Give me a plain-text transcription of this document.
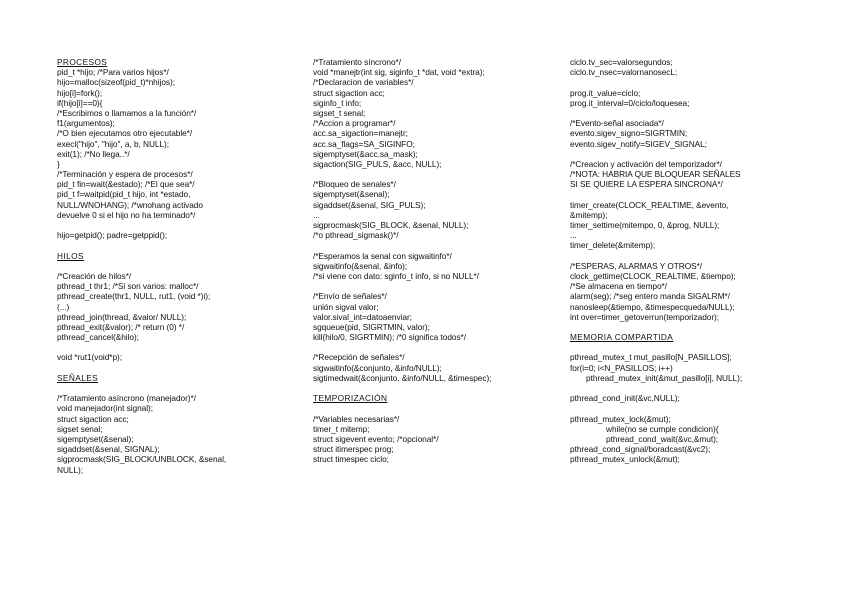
PROCESOS
pid_t *hijo; /*Para varios hijos*/
hijo=malloc(sizeof(pid_t)*nhijos);
hijo[i]=fork();
if(hijo[i]==0){
/*Escribimos o llamamos a la función*/
f1(argumentos);
/*O bien ejecutamos otro ejecutable*/
execl("hijo", "hijo", a, b, NULL);
exit(1); /*No llega..*/
}
/*Terminación y espera de procesos*/
pid_t fin=wait(&estado); /*El que sea*/
pid_t f=waitpid(pid_t hijo, int *estado,
NULL/WNOHANG); /*wnohang activado
devuelve 0 si el hijo no ha terminado*/
hijo=getpid(); padre=getppid();
HILOS
/*Creación de hilos*/
pthread_t thr1; /*Si son varios: malloc*/
pthread_create(thr1, NULL, rut1, (void *)i);
(...)
pthread_join(thread, &valor/ NULL);
pthread_exit(&valor); /* return (0) */
pthread_cancel(&hilo);
void *rut1(void*p);
SEÑALES
/*Tratamiento asíncrono (manejador)*/
void manejador(int signal);
struct sigaction acc;
sigset senal;
sigemptyset(&senal);
sigaddset(&senal, SIGNAL);
sigprocmask(SIG_BLOCK/UNBLOCK, &senal,
NULL);
/*Tratamiento síncrono*/
void *manejtr(int sig, siginfo_t *dat, void *extra);
/*Declaracion de variables*/
struct sigaction acc;
siginfo_t info;
sigset_t senal;
/*Accion a programar*/
acc.sa_sigaction=manejtr;
acc.sa_flags=SA_SIGINFO;
sigemptyset(&acc.sa_mask);
sigaction(SIG_PULS, &acc, NULL);
/*Bloqueo de senales*/
sigemptyset(&senal);
sigaddset(&senal, SIG_PULS);
...
sigprocmask(SIG_BLOCK, &senal, NULL);
/*o pthread_sigmask()*/
/*Esperamos la senal con sigwaitinfo*/
sigwaitinfo(&senal, &info);
/*si viene con dato: sginfo_t info, si no NULL*/
/*Envío de señales*/
unión sigval valor;
valor.sival_int=datoaenviar;
sgqueue(pid, SIGRTMIN, valor);
kill(hilo/0, SIGRTMIN); /*0 significa todos*/
/*Recepción de señales*/
sigwaitinfo(&conjunto, &info/NULL);
sigtimedwait(&conjunto, &info/NULL, &timespec);
TEMPORIZACIÓN
/*Variables necesarias*/
timer_t mitemp;
struct sigevent evento; /*opcional*/
struct itimerspec prog;
struct timespec ciclo;
ciclo.tv_sec=valorsegundos;
ciclo.tv_nsec=valornanosecL;
prog.it_value=ciclo;
prog.it_interval=0/ciclo/loquesea;
/*Evento-señal asociada*/
evento.sigev_signo=SIGRTMIN;
evento.sigev_notify=SIGEV_SIGNAL;
/*Creacion y activación del temporizador*/
/*NOTA: HABRIA QUE BLOQUEAR SEÑALES
SI SE QUIERE LA ESPERA SINCRONA*/
timer_create(CLOCK_REALTIME, &evento,
&mitemp);
timer_settime(mitempo, 0, &prog, NULL);
...
timer_delete(&mitemp);
/*ESPERAS, ALARMAS Y OTROS*/
clock_gettime(CLOCK_REALTIME, &tiempo);
/*Se almacena en tiempo*/
alarm(seg); /*seg entero manda SIGALRM*/
nanosleep(&tiempo, &timespecqueda/NULL);
int over=timer_getoverrun(temporizador);
MEMORIA COMPARTIDA
pthread_mutex_t mut_pasillo[N_PASILLOS];
for(i=0; i<N_PASILLOS; i++)
pthread_mutex_init(&mut_pasillo[i], NULL);
pthread_cond_init(&vc,NULL);
pthread_mutex_lock(&mut);
while(no se cumple condicion){
pthread_cond_wait(&vc,&mut);
pthread_cond_signal/boradcast(&vc2);
pthread_mutex_unlock(&mut);
